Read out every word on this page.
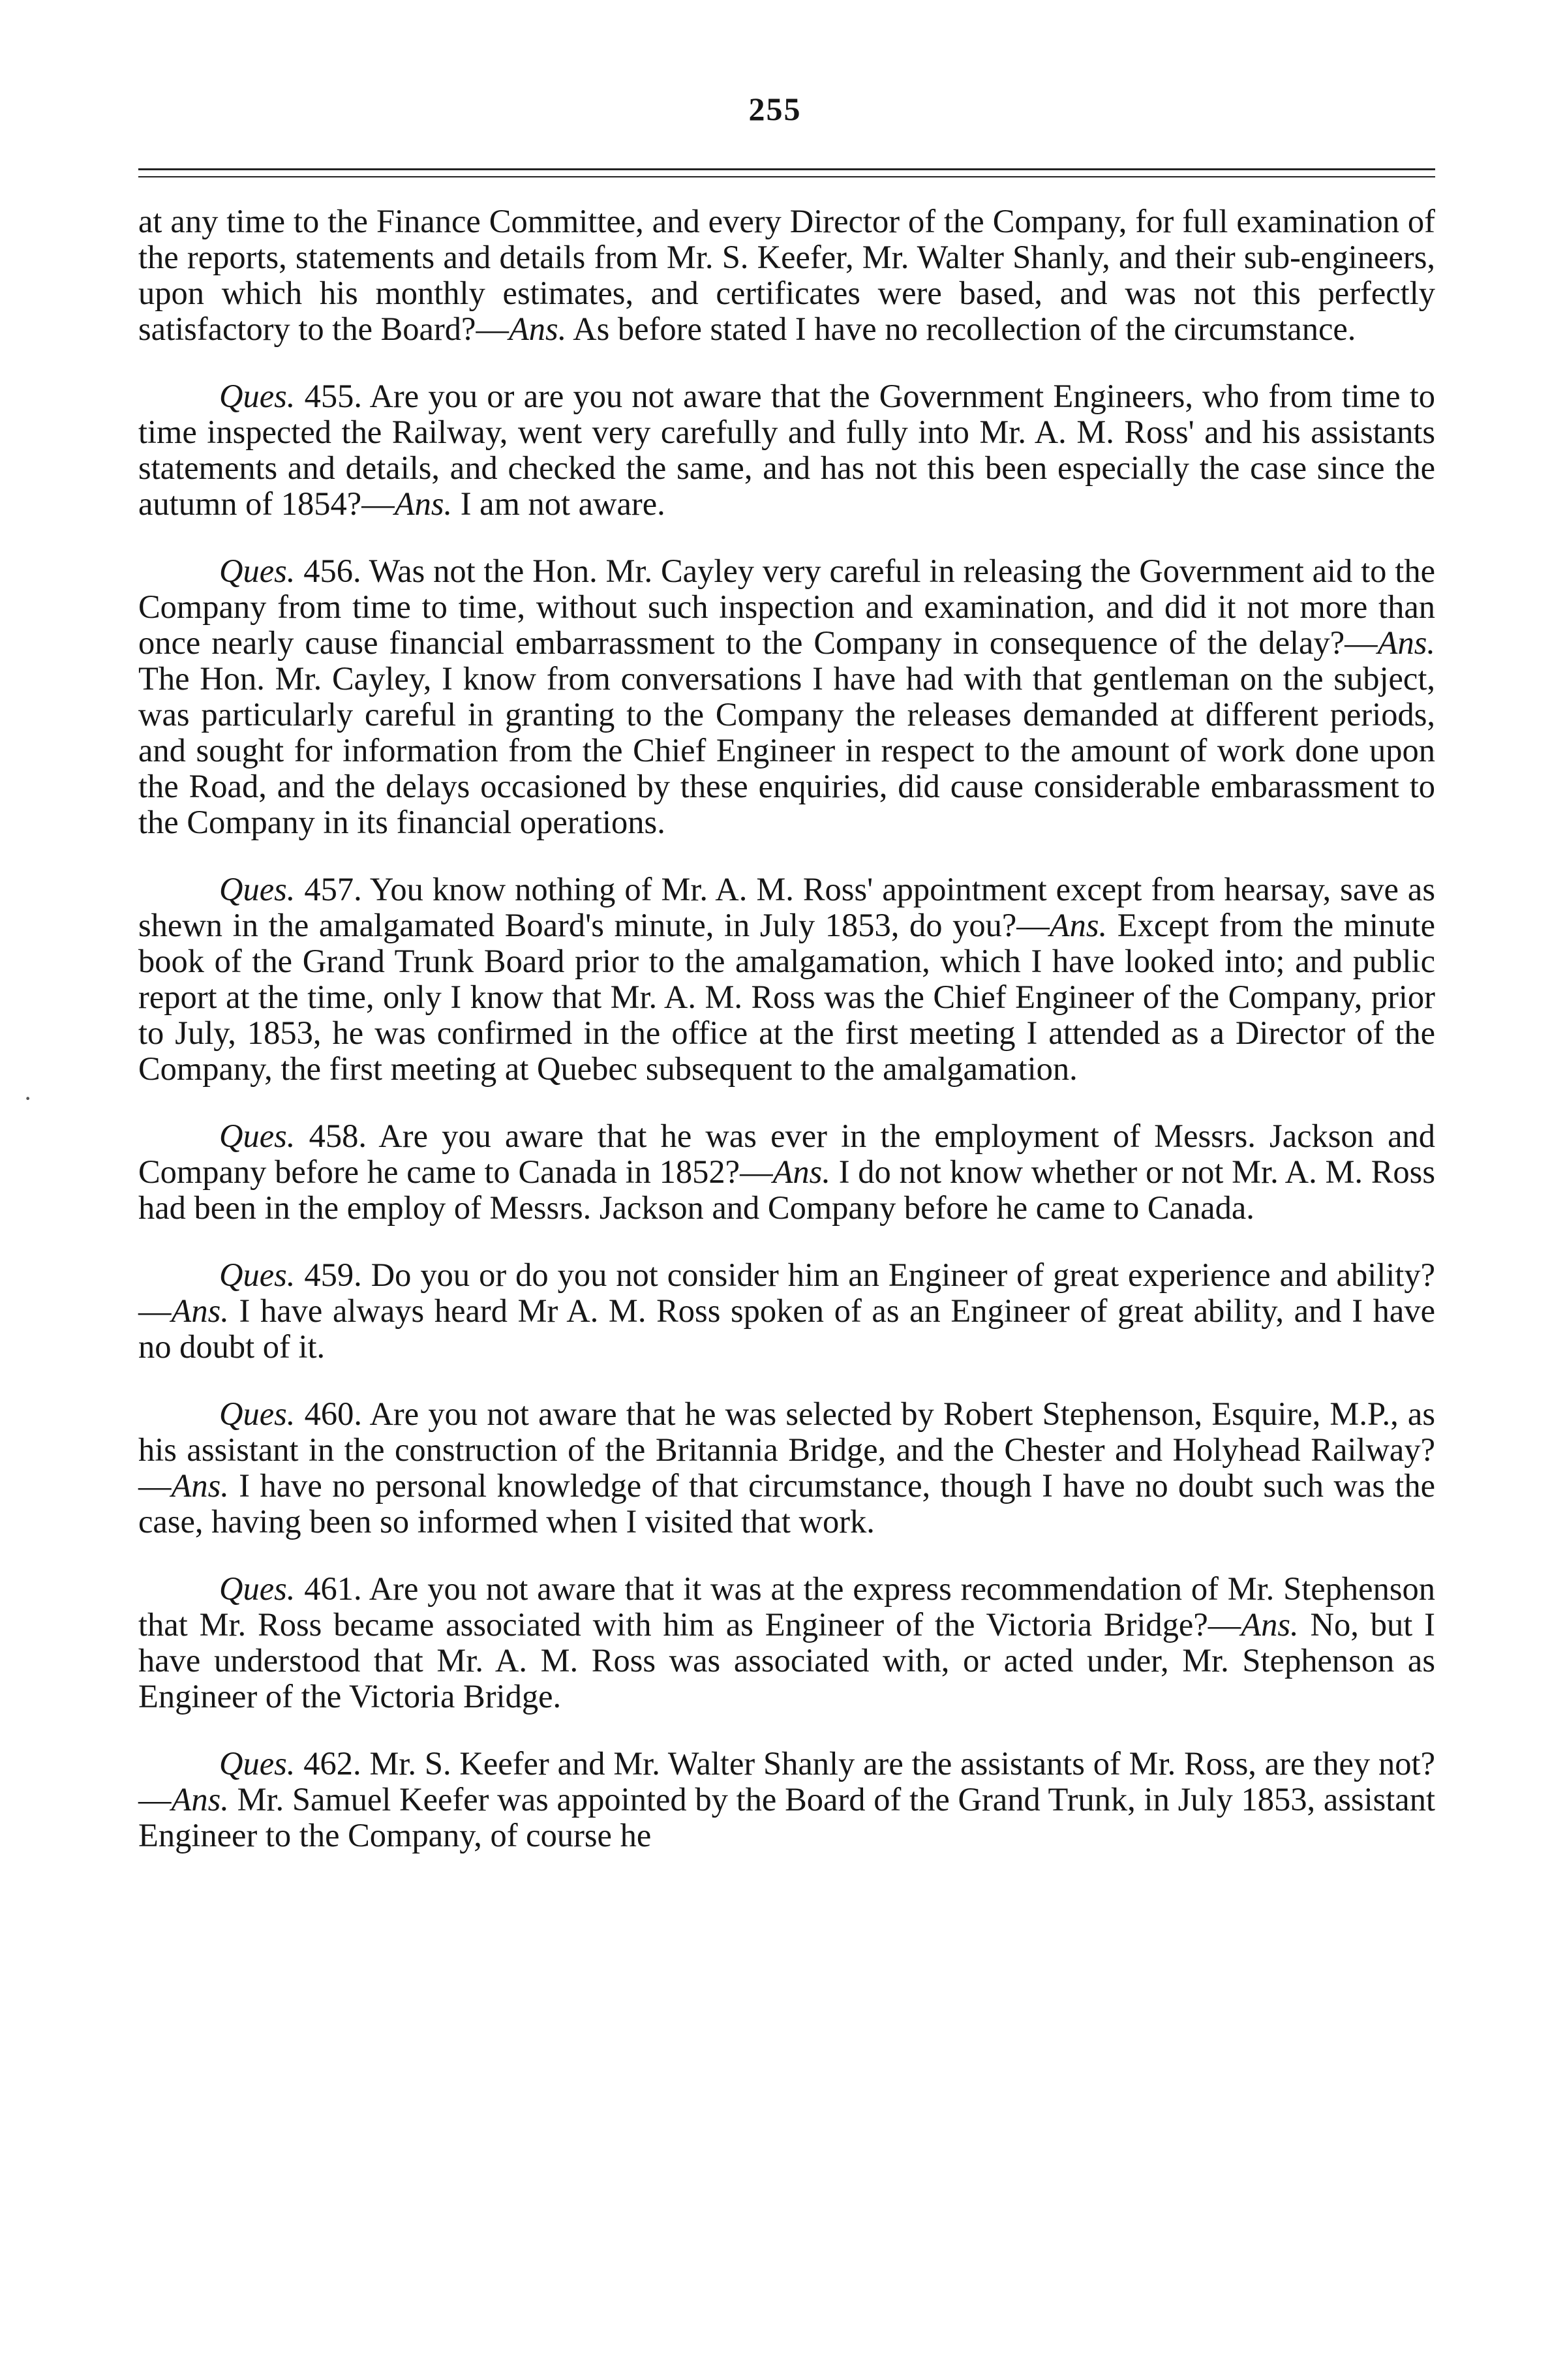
255

at any time to the Finance Committee, and every Director of the Company, for full examination of the reports, statements and details from Mr. S. Keefer, Mr. Walter Shanly, and their sub-engineers, upon which his monthly estimates, and certificates were based, and was not this perfectly satisfactory to the Board?—Ans. As before stated I have no recollection of the circumstance.

Ques. 455. Are you or are you not aware that the Government Engineers, who from time to time inspected the Railway, went very carefully and fully into Mr. A. M. Ross' and his assistants statements and details, and checked the same, and has not this been especially the case since the autumn of 1854?—Ans. I am not aware.

Ques. 456. Was not the Hon. Mr. Cayley very careful in releasing the Government aid to the Company from time to time, without such inspection and examination, and did it not more than once nearly cause financial embarrassment to the Company in consequence of the delay?—Ans. The Hon. Mr. Cayley, I know from conversations I have had with that gentleman on the subject, was particularly careful in granting to the Company the releases demanded at different periods, and sought for information from the Chief Engineer in respect to the amount of work done upon the Road, and the delays occasioned by these enquiries, did cause considerable embarassment to the Company in its financial operations.

Ques. 457. You know nothing of Mr. A. M. Ross' appointment except from hearsay, save as shewn in the amalgamated Board's minute, in July 1853, do you?—Ans. Except from the minute book of the Grand Trunk Board prior to the amalgamation, which I have looked into; and public report at the time, only I know that Mr. A. M. Ross was the Chief Engineer of the Company, prior to July, 1853, he was confirmed in the office at the first meeting I attended as a Director of the Company, the first meeting at Quebec subsequent to the amalgamation.

Ques. 458. Are you aware that he was ever in the employment of Messrs. Jackson and Company before he came to Canada in 1852?—Ans. I do not know whether or not Mr. A. M. Ross had been in the employ of Messrs. Jackson and Company before he came to Canada.

Ques. 459. Do you or do you not consider him an Engineer of great experience and ability?—Ans. I have always heard Mr A. M. Ross spoken of as an Engineer of great ability, and I have no doubt of it.

Ques. 460. Are you not aware that he was selected by Robert Stephenson, Esquire, M.P., as his assistant in the construction of the Britannia Bridge, and the Chester and Holyhead Railway?—Ans. I have no personal knowledge of that circumstance, though I have no doubt such was the case, having been so informed when I visited that work.

Ques. 461. Are you not aware that it was at the express recommendation of Mr. Stephenson that Mr. Ross became associated with him as Engineer of the Victoria Bridge?—Ans. No, but I have understood that Mr. A. M. Ross was associated with, or acted under, Mr. Stephenson as Engineer of the Victoria Bridge.

Ques. 462. Mr. S. Keefer and Mr. Walter Shanly are the assistants of Mr. Ross, are they not?—Ans. Mr. Samuel Keefer was appointed by the Board of the Grand Trunk, in July 1853, assistant Engineer to the Company, of course he

·
